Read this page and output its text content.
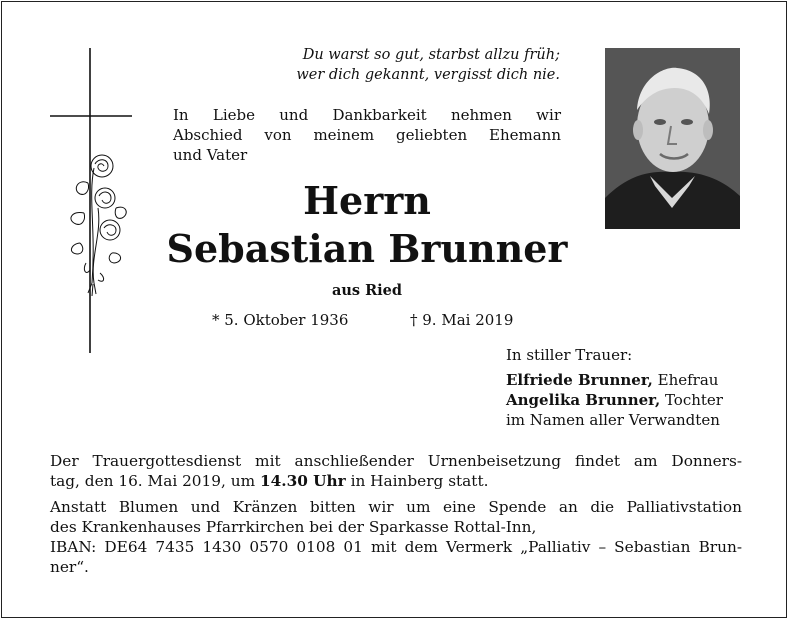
Du warst so gut, starbst allzu früh;
wer dich gekannt, vergisst dich nie.
In Liebe und Dankbarkeit nehmen wir
Abschied von meinem geliebten Ehemann
und Vater
Herrn
Sebastian Brunner
aus Ried
* 5. Oktober 1936	† 9. Mai 2019
In stiller Trauer:
Elfriede Brunner, Ehefrau
Angelika Brunner, Tochter
im Namen aller Verwandten
Der Trauergottesdienst mit anschließender Urnenbeisetzung findet am Donners-
tag, den 16. Mai 2019, um 14.30 Uhr in Hainberg statt.
Anstatt Blumen und Kränzen bitten wir um eine Spende an die Palliativstation
des Krankenhauses Pfarrkirchen bei der Sparkasse Rottal-Inn,
IBAN: DE64 7435 1430 0570 0108 01 mit dem Vermerk „Palliativ – Sebastian Brun-
ner“.
